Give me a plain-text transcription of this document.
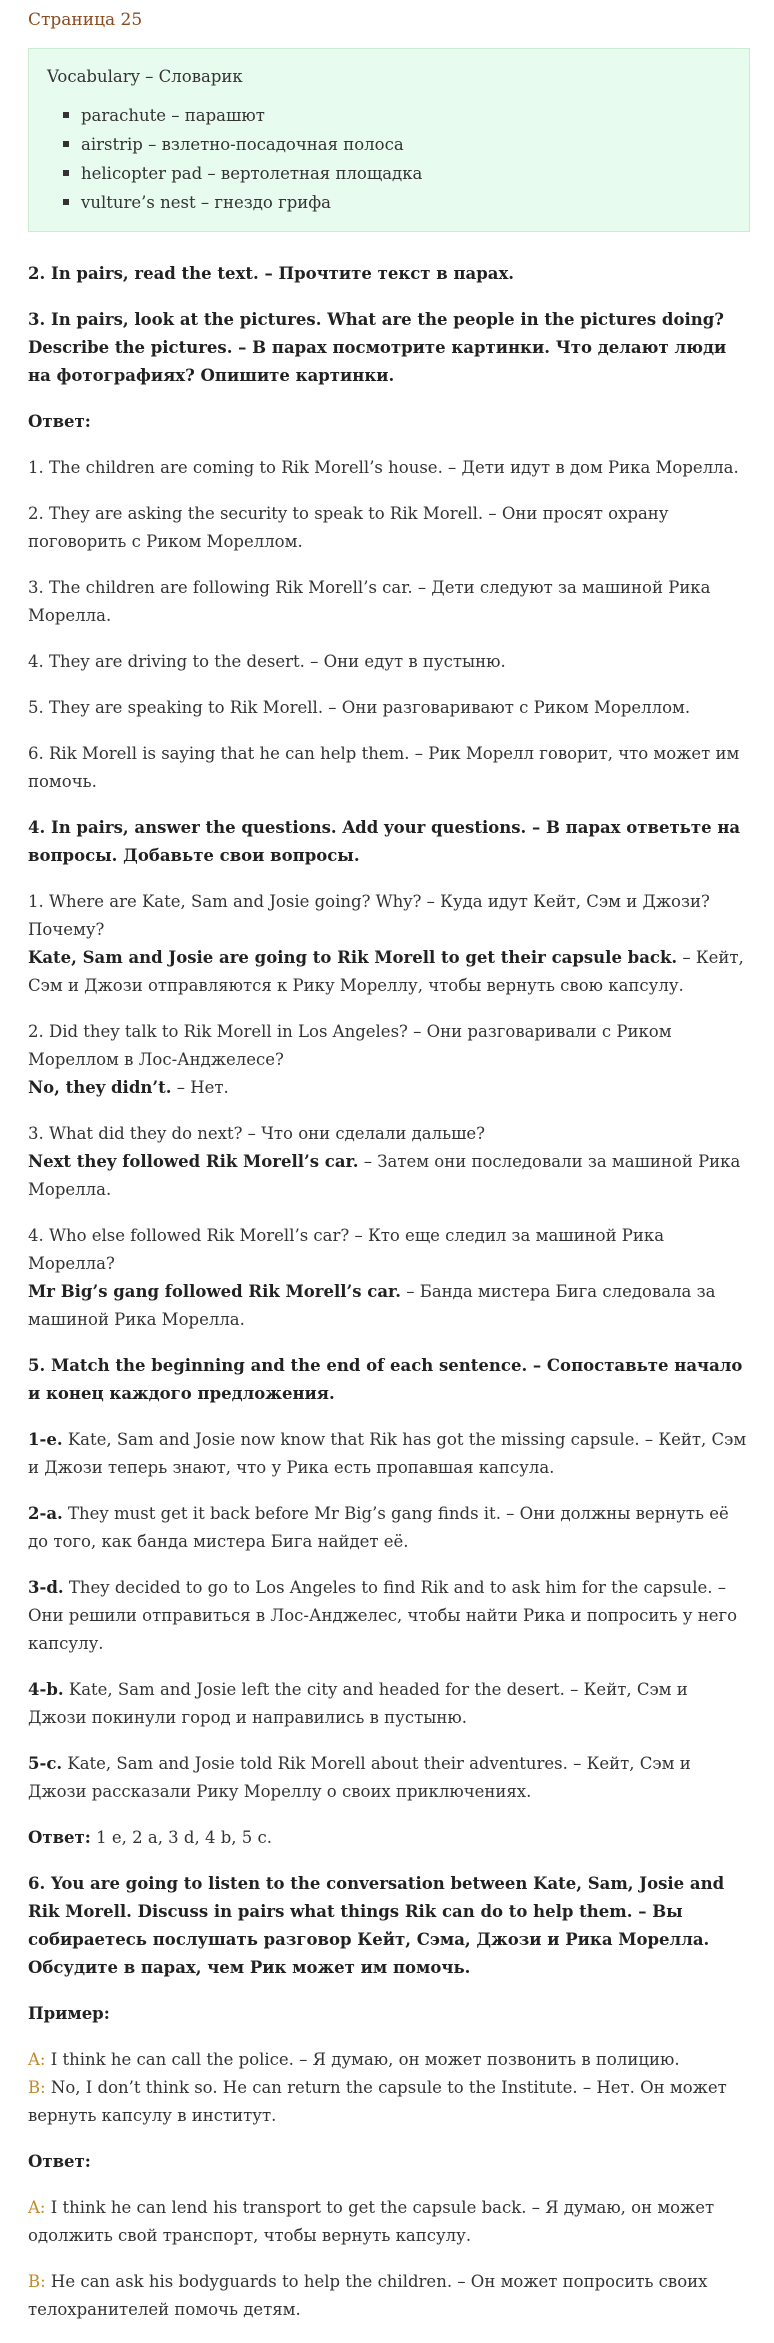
Страница 25
Vocabulary – Словарик
parachute – парашют
airstrip – взлетно-посадочная полоса
helicopter pad – вертолетная площадка
vulture’s nest – гнездо грифа

2. In pairs, read the text. – Прочтите текст в парах.

3. In pairs, look at the pictures. What are the people in the pictures doing? Describe the pictures. – В парах посмотрите картинки. Что делают люди на фотографиях? Опишите картинки.

Ответ:

1. The children are coming to Rik Morell’s house. – Дети идут в дом Рика Морелла.

2. They are asking the security to speak to Rik Morell. – Они просят охрану поговорить с Риком Мореллом.

3. The children are following Rik Morell’s car. – Дети следуют за машиной Рика Морелла.

4. They are driving to the desert. – Они едут в пустыню.

5. They are speaking to Rik Morell. – Они разговаривают с Риком Мореллом.

6. Rik Morell is saying that he can help them. – Рик Морелл говорит, что может им помочь.

4. In pairs, answer the questions. Add your questions. – В парах ответьте на вопросы. Добавьте свои вопросы.

1. Where are Kate, Sam and Josie going? Why? – Куда идут Кейт, Сэм и Джози? Почему?
Kate, Sam and Josie are going to Rik Morell to get their capsule back. – Кейт, Сэм и Джози отправляются к Рику Мореллу, чтобы вернуть свою капсулу.

2. Did they talk to Rik Morell in Los Angeles? – Они разговаривали с Риком Мореллом в Лос-Анджелесе?
No, they didn’t. – Нет.

3. What did they do next? – Что они сделали дальше?
Next they followed Rik Morell’s car. – Затем они последовали за машиной Рика Морелла.

4. Who else followed Rik Morell’s car? – Кто еще следил за машиной Рика Морелла?
Mr Big’s gang followed Rik Morell’s car. – Банда мистера Бига следовала за машиной Рика Морелла.

5. Match the beginning and the end of each sentence. – Сопоставьте начало и конец каждого предложения.

1-e. Kate, Sam and Josie now know that Rik has got the missing capsule. – Кейт, Сэм и Джози теперь знают, что у Рика есть пропавшая капсула.

2-a. They must get it back before Mr Big’s gang finds it. – Они должны вернуть её до того, как банда мистера Бига найдет её.

3-d. They decided to go to Los Angeles to find Rik and to ask him for the capsule. – Они решили отправиться в Лос-Анджелес, чтобы найти Рика и попросить у него капсулу.

4-b. Kate, Sam and Josie left the city and headed for the desert. – Кейт, Сэм и Джози покинули город и направились в пустыню.

5-c. Kate, Sam and Josie told Rik Morell about their adventures. – Кейт, Сэм и Джози рассказали Рику Мореллу о своих приключениях.

Ответ: 1 e, 2 a, 3 d, 4 b, 5 c.

6. You are going to listen to the conversation between Kate, Sam, Josie and Rik Morell. Discuss in pairs what things Rik can do to help them. – Вы собираетесь послушать разговор Кейт, Сэма, Джози и Рика Морелла. Обсудите в парах, чем Рик может им помочь.

Пример:

A: I think he can call the police. – Я думаю, он может позвонить в полицию.
B: No, I don’t think so. He can return the capsule to the Institute. – Нет. Он может вернуть капсулу в институт.

Ответ:

A: I think he can lend his transport to get the capsule back. – Я думаю, он может одолжить свой транспорт, чтобы вернуть капсулу.

B: He can ask his bodyguards to help the children. – Он может попросить своих телохранителей помочь детям.
